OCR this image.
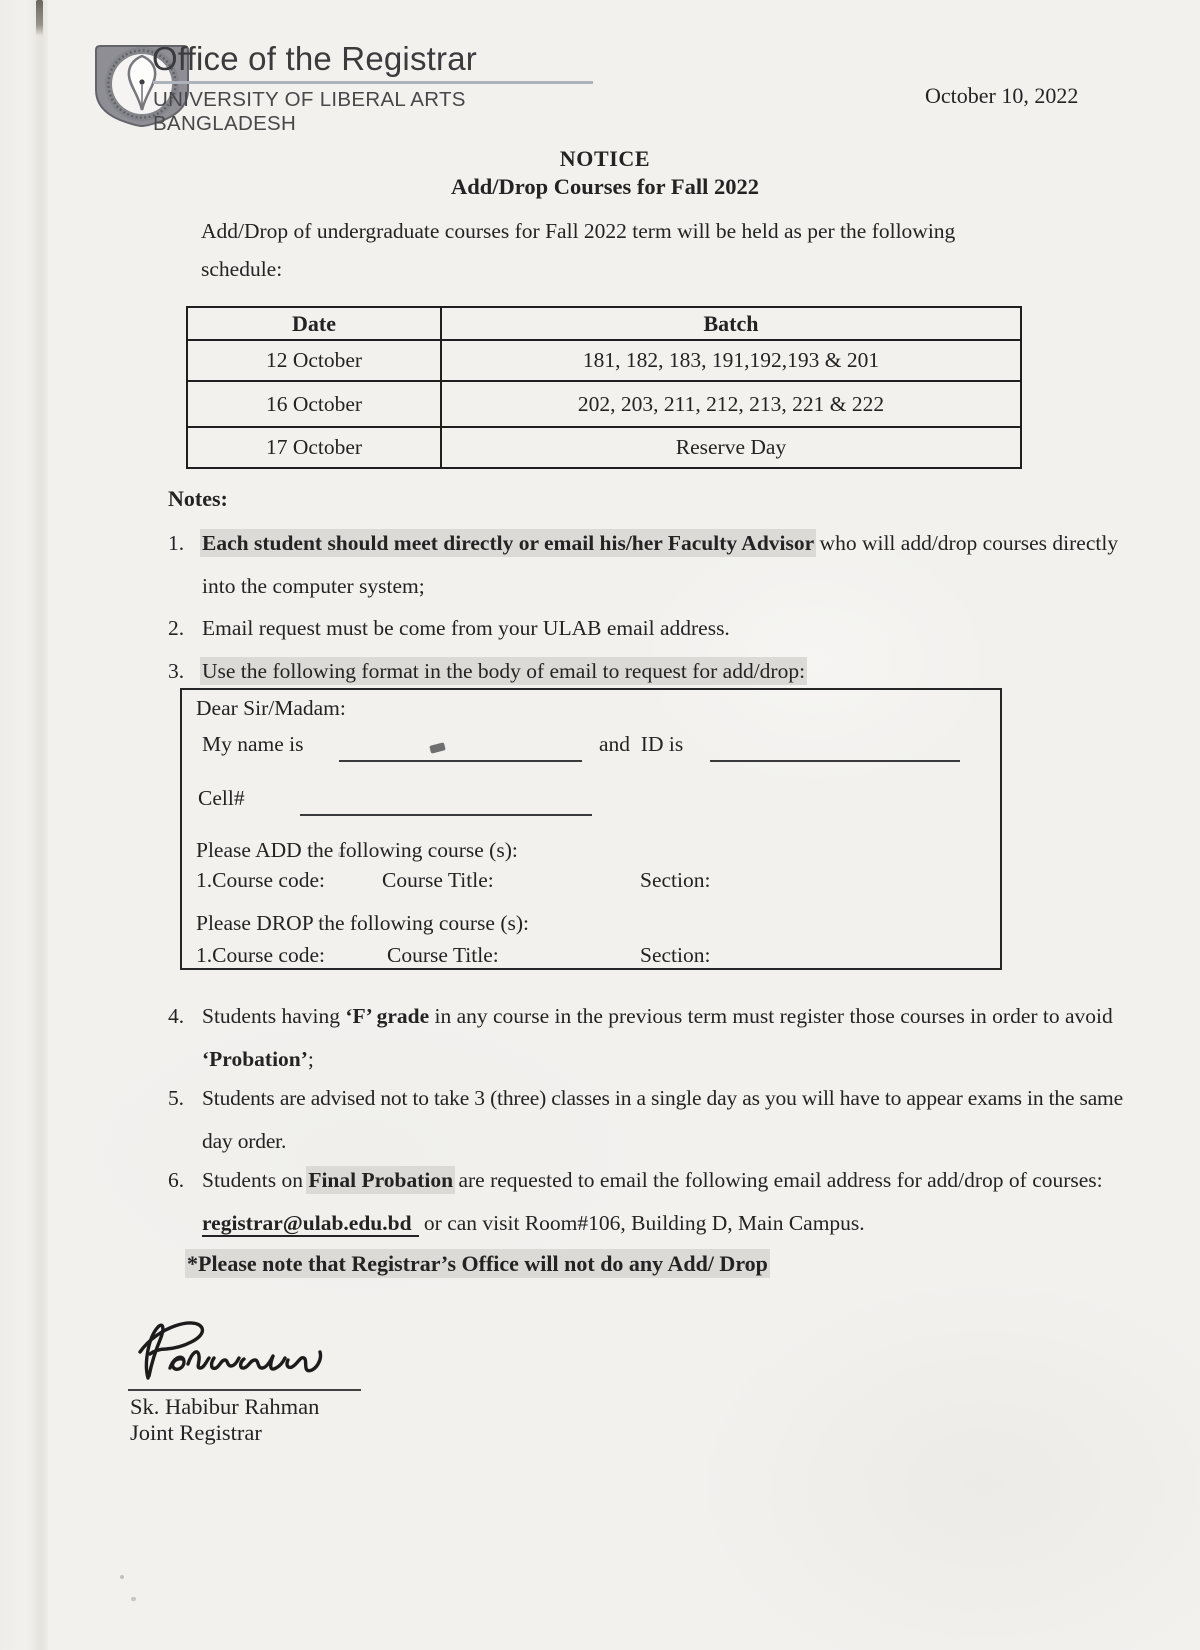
Office of the Registrar
UNIVERSITY OF LIBERAL ARTS
BANGLADESH
October 10, 2022
NOTICE
Add/Drop Courses for Fall 2022
Add/Drop of undergraduate courses for Fall 2022 term will be held as per the following schedule:
Date	Batch
12 October	181, 182, 183, 191,192,193 & 201
16 October	202, 203, 211, 212, 213, 221 & 222
17 October	Reserve Day
Notes:
1. Each student should meet directly or email his/her Faculty Advisor who will add/drop courses directly into the computer system;
2. Email request must be come from your ULAB email address.
3. Use the following format in the body of email to request for add/drop:
Dear Sir/Madam:
My name is	and  ID is
Cell#
Please ADD the following course (s):
1.Course code:	Course Title:	Section:
Please DROP the following course (s):
1.Course code:	Course Title:	Section:
4. Students having ‘F’ grade in any course in the previous term must register those courses in order to avoid ‘Probation’;
5. Students are advised not to take 3 (three) classes in a single day as you will have to appear exams in the same day order.
6. Students on Final Probation are requested to email the following email address for add/drop of courses: registrar@ulab.edu.bd or can visit Room#106, Building D, Main Campus.
*Please note that Registrar’s Office will not do any Add/ Drop
Sk. Habibur Rahman
Joint Registrar
